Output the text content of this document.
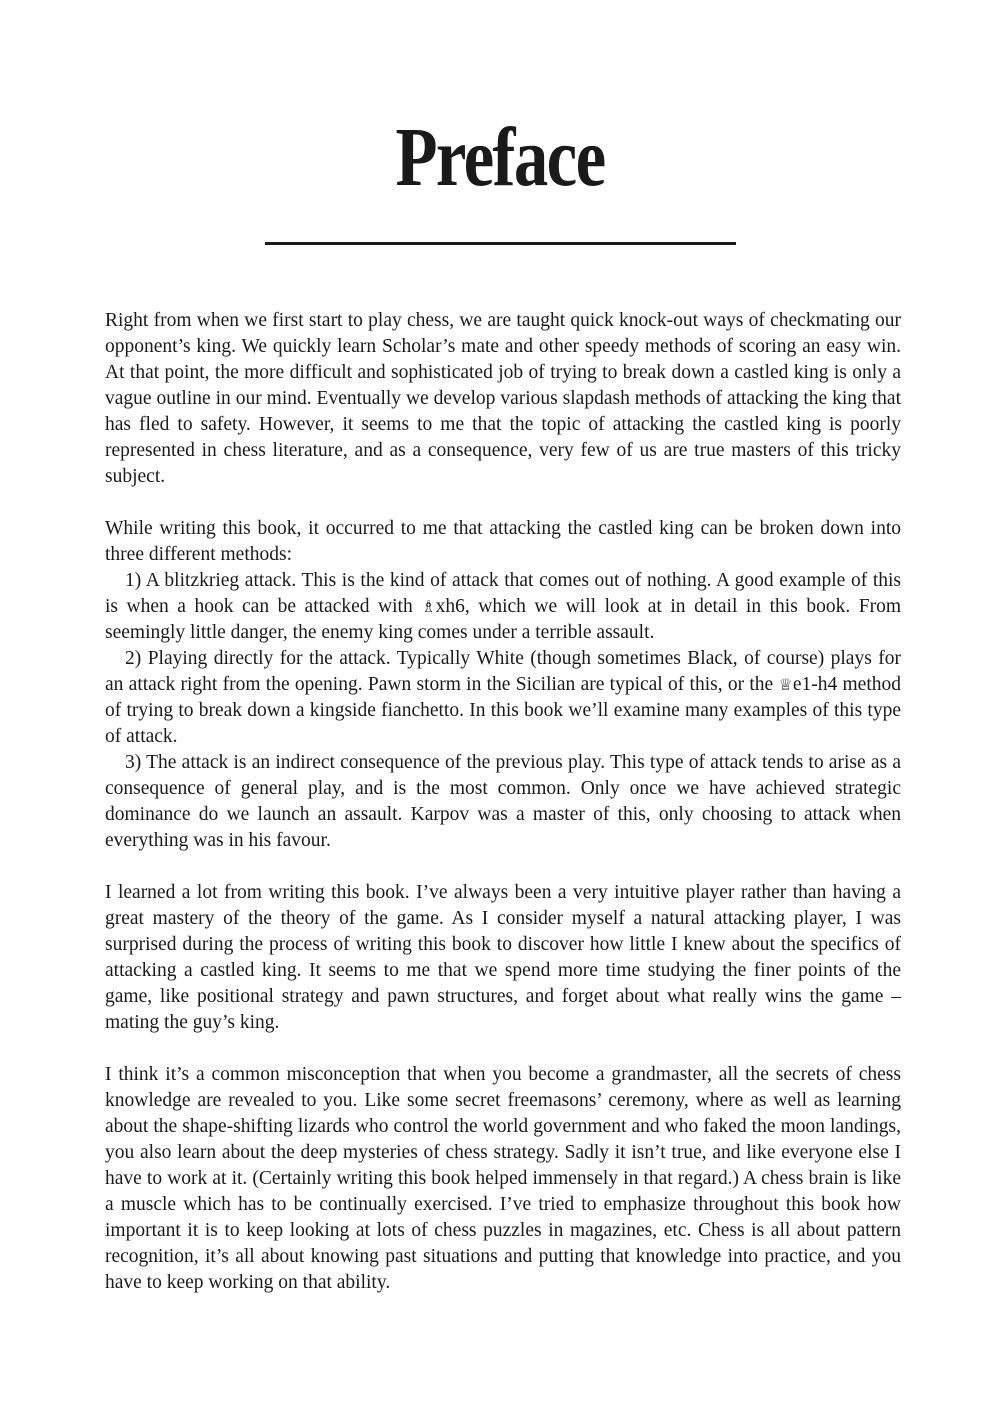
Preface

Right from when we first start to play chess, we are taught quick knock-out ways of checkmating our opponent’s king. We quickly learn Scholar’s mate and other speedy methods of scoring an easy win. At that point, the more difficult and sophisticated job of trying to break down a castled king is only a vague outline in our mind. Eventually we develop various slapdash methods of attacking the king that has fled to safety. However, it seems to me that the topic of attacking the castled king is poorly represented in chess literature, and as a consequence, very few of us are true masters of this tricky subject.

While writing this book, it occurred to me that attacking the castled king can be broken down into three different methods:

1) A blitzkrieg attack. This is the kind of attack that comes out of nothing. A good example of this is when a hook can be attacked with ♗xh6, which we will look at in detail in this book. From seemingly little danger, the enemy king comes under a terrible assault.

2) Playing directly for the attack. Typically White (though sometimes Black, of course) plays for an attack right from the opening. Pawn storm in the Sicilian are typical of this, or the ♕e1-h4 method of trying to break down a kingside fianchetto. In this book we’ll examine many examples of this type of attack.

3) The attack is an indirect consequence of the previous play. This type of attack tends to arise as a consequence of general play, and is the most common. Only once we have achieved strategic dominance do we launch an assault. Karpov was a master of this, only choosing to attack when everything was in his favour.

I learned a lot from writing this book. I’ve always been a very intuitive player rather than having a great mastery of the theory of the game. As I consider myself a natural attacking player, I was surprised during the process of writing this book to discover how little I knew about the specifics of attacking a castled king. It seems to me that we spend more time studying the finer points of the game, like positional strategy and pawn structures, and forget about what really wins the game – mating the guy’s king.

I think it’s a common misconception that when you become a grandmaster, all the secrets of chess knowledge are revealed to you. Like some secret freemasons’ ceremony, where as well as learning about the shape-shifting lizards who control the world government and who faked the moon landings, you also learn about the deep mysteries of chess strategy. Sadly it isn’t true, and like everyone else I have to work at it. (Certainly writing this book helped immensely in that regard.) A chess brain is like a muscle which has to be continually exercised. I’ve tried to emphasize throughout this book how important it is to keep looking at lots of chess puzzles in magazines, etc. Chess is all about pattern recognition, it’s all about knowing past situations and putting that knowledge into practice, and you have to keep working on that ability.
